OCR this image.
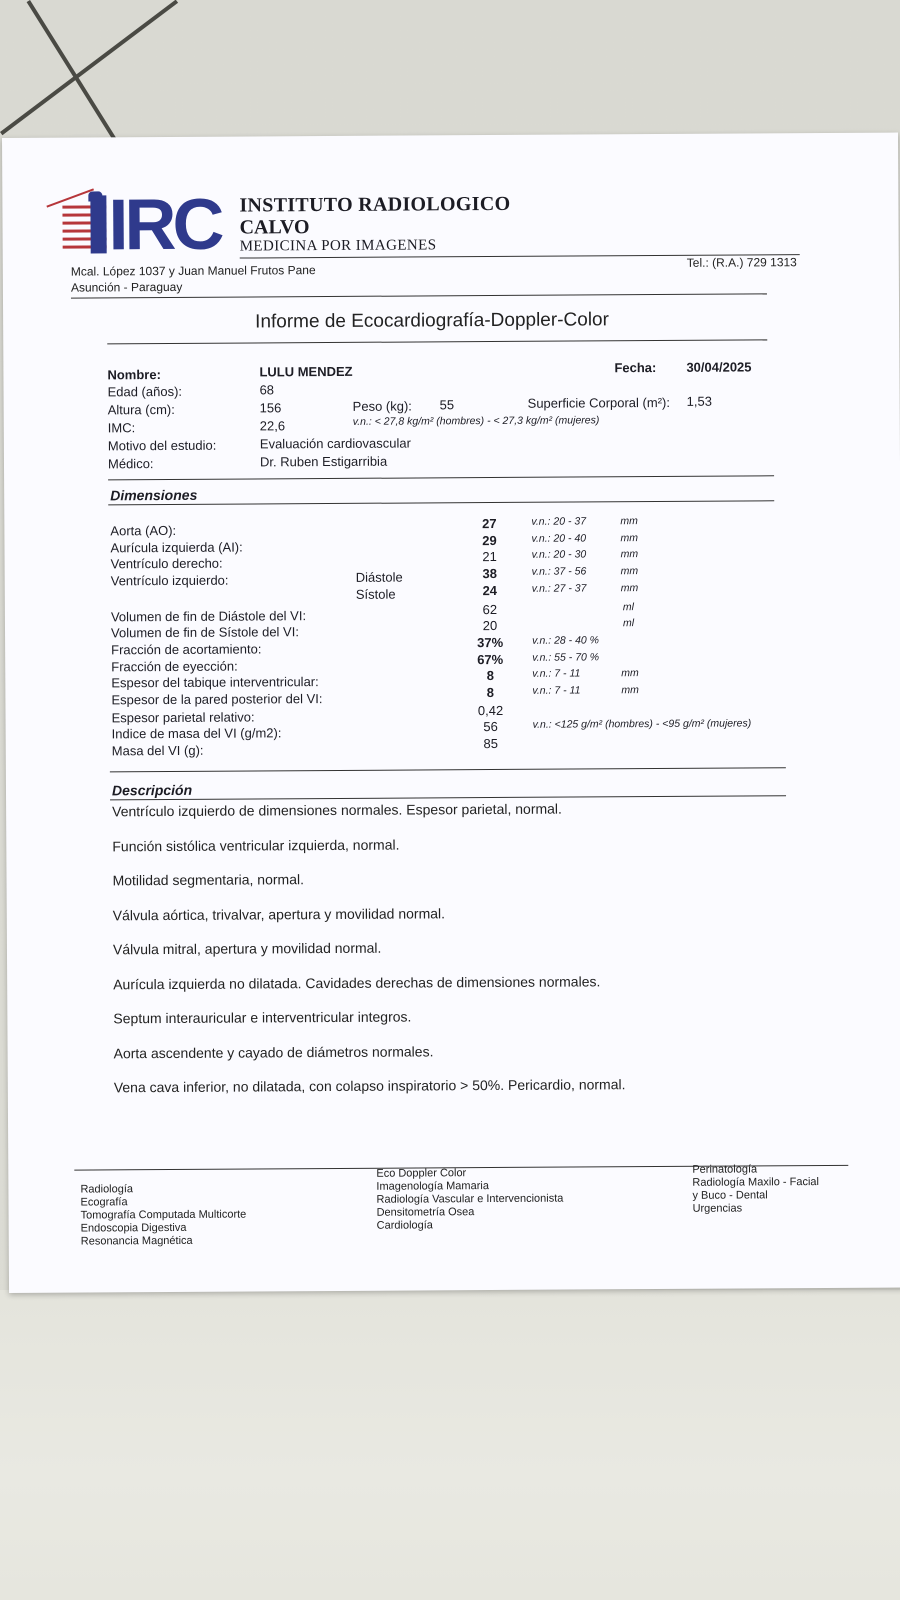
IRC INSTITUTO RADIOLOGICO
CALVO
MEDICINA POR IMAGENES
Mcal. López 1037 y Juan Manuel Frutos Pane
Asunción - Paraguay
Tel.: (R.A.) 729 1313
Informe de Ecocardiografía-Doppler-Color
Nombre:	LULU MENDEZ	Fecha: 30/04/2025
Edad (años):	68
Altura (cm):	156	Peso (kg): 55	Superficie Corporal (m²): 1,53
IMC:	22,6	v.n.: < 27,8 kg/m² (hombres) - < 27,3 kg/m² (mujeres)
Motivo del estudio:	Evaluación cardiovascular
Médico:	Dr. Ruben Estigarribia
Dimensiones
Aorta (AO):	27	v.n.: 20 - 37	mm
Aurícula izquierda (AI):	29	v.n.: 20 - 40	mm
Ventrículo derecho:	21	v.n.: 20 - 30	mm
Ventrículo izquierdo:	Diástole	38	v.n.: 37 - 56	mm
Sístole	24	v.n.: 27 - 37	mm
Volumen de fin de Diástole del VI:	62	ml
Volumen de fin de Sístole del VI:	20	ml
Fracción de acortamiento:	37%	v.n.: 28 - 40 %
Fracción de eyección:	67%	v.n.: 55 - 70 %
Espesor del tabique interventricular:	8	v.n.: 7 - 11	mm
Espesor de la pared posterior del VI:	8	v.n.: 7 - 11	mm
Espesor parietal relativo:	0,42
Indice de masa del VI (g/m2):	56	v.n.: <125 g/m² (hombres) - <95 g/m² (mujeres)
Masa del VI (g):	85
Descripción
Ventrículo izquierdo de dimensiones normales. Espesor parietal, normal.
Función sistólica ventricular izquierda, normal.
Motilidad segmentaria, normal.
Válvula aórtica, trivalvar, apertura y movilidad normal.
Válvula mitral, apertura y movilidad normal.
Aurícula izquierda no dilatada. Cavidades derechas de dimensiones normales.
Septum interauricular e interventricular integros.
Aorta ascendente y cayado de diámetros normales.
Vena cava inferior, no dilatada, con colapso inspiratorio > 50%. Pericardio, normal.
Radiología
Ecografía
Tomografía Computada Multicorte
Endoscopia Digestiva
Resonancia Magnética
Eco Doppler Color
Imagenología Mamaria
Radiología Vascular e Intervencionista
Densitometría Osea
Cardiología
Perinatología
Radiología Maxilo - Facial
y Buco - Dental
Urgencias
